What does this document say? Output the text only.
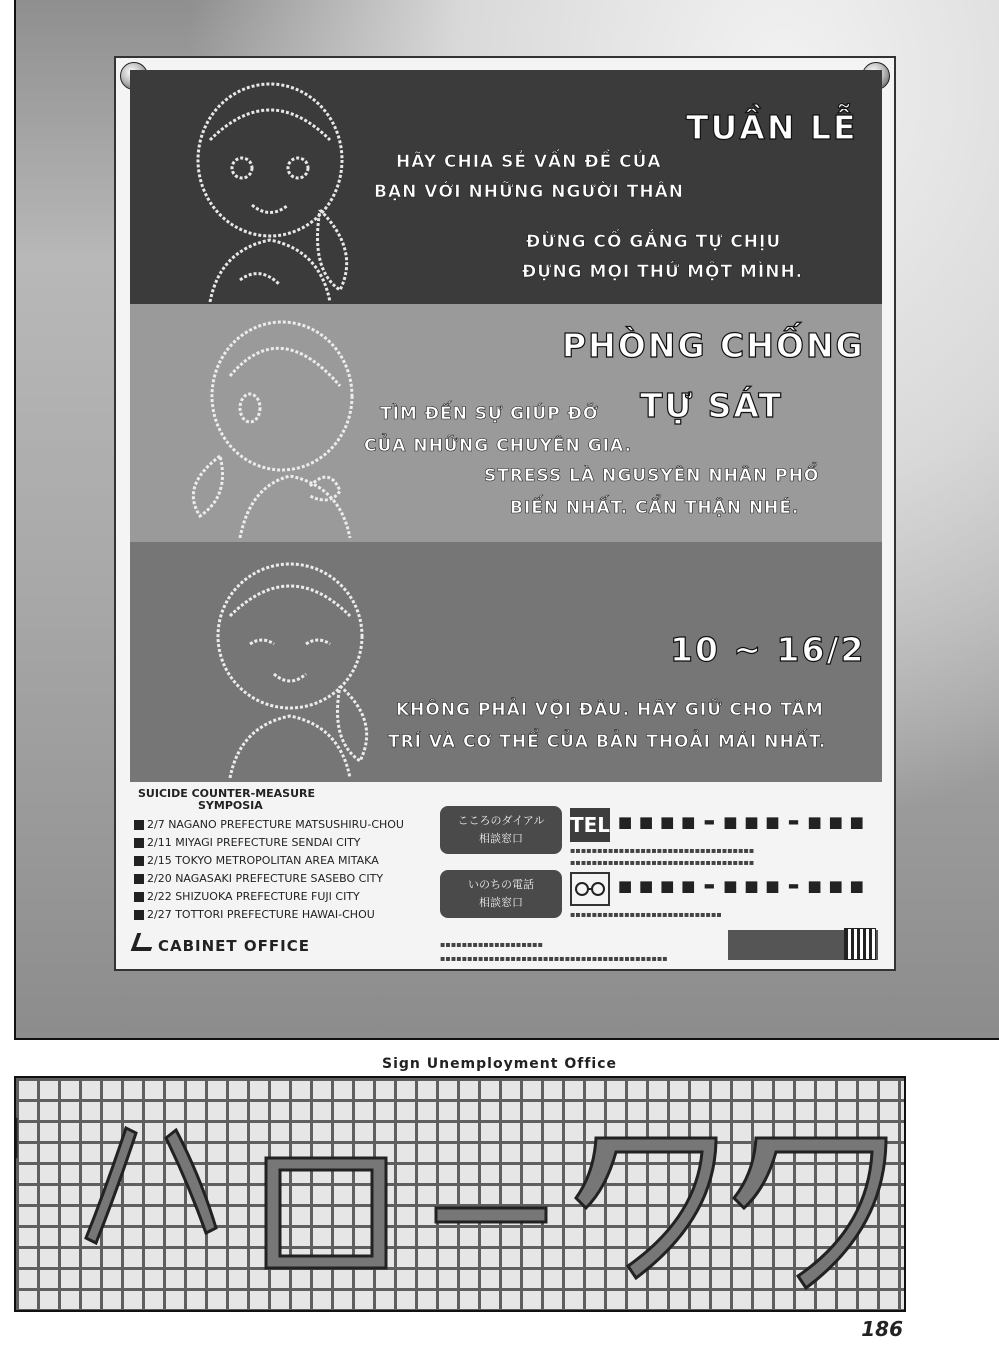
TUẦN LỄ
HÃY CHIA SẺ VẤN ĐỀ CỦA
BẠN VỚI NHỮNG NGƯỜI THÂN
ĐỪNG CỐ GẮNG TỰ CHỊU
ĐỰNG MỌI THỨ MỘT MÌNH.
PHÒNG CHỐNG
TỰ SÁT
TÌM ĐẾN SỰ GIÚP ĐỠ
CỦA NHỮNG CHUYÊN GIA.
STRESS LÀ NGUSYÊN NHÂN PHỔ
BIẾN NHẤT. CẨN THẬN NHÉ.
10 ~ 16/2
KHÔNG PHẢI VỘI ĐÂU. HÃY GIỮ CHO TÂM
TRÍ VÀ CƠ THỂ CỦA BẢN THOẢI MÁI NHẤT.
SUICIDE COUNTER-MEASURE
SYMPOSIA
2/7 NAGANO PREFECTURE MATSUSHIRU-CHOU
2/11 MIYAGI PREFECTURE SENDAI CITY
2/15 TOKYO METROPOLITAN AREA MITAKA
2/20 NAGASAKI PREFECTURE SASEBO CITY
2/22 SHIZUOKA PREFECTURE FUJI CITY
2/27 TOTTORI PREFECTURE HAWAI-CHOU
CABINET OFFICE
こころのダイアル
相談窓口
TEL ▪▪▪▪-▪▪▪-▪▪▪
▪▪▪▪▪▪▪▪▪▪▪▪▪▪▪▪▪▪▪▪▪▪▪▪▪▪▪▪▪▪▪▪▪▪
▪▪▪▪▪▪▪▪▪▪▪▪▪▪▪▪▪▪▪▪▪▪▪▪▪▪▪▪▪▪▪▪▪▪
いのちの電話
相談窓口	▪▪▪▪-▪▪▪-▪▪▪
▪▪▪▪▪▪▪▪▪▪▪▪▪▪▪▪▪▪▪▪▪▪▪▪▪▪▪▪
▪▪▪▪▪▪▪▪▪▪▪▪▪▪▪▪▪▪▪
▪▪▪▪▪▪▪▪▪▪▪▪▪▪▪▪▪▪▪▪▪▪▪▪▪▪▪▪▪▪▪▪▪▪▪▪▪▪▪▪▪▪
Sign Unemployment Office
186
